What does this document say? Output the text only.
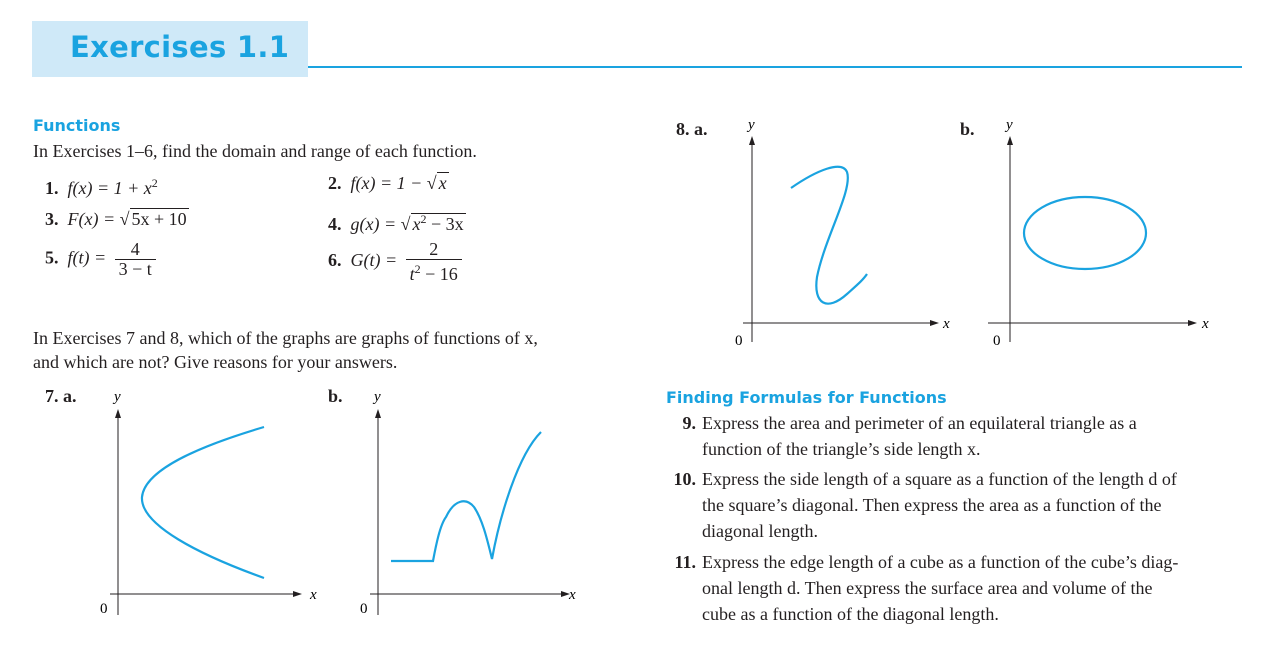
Exercises 1.1
Functions
In Exercises 1–6, find the domain and range of each function.
1. $f(x) = 1 + x^2$	2. f(x) = 1 − √ x
3. F(x) = √ 5x + 10	4. g(x) = √ $x^2 - 3x$
5. $f(t) = \frac{4}{3 - t}$	6. $G(t) = \frac{2}{t^2 - 16}$
In Exercises 7 and 8, which of the graphs are graphs of functions of x,
and which are not? Give reasons for your answers.
7. a.	y
x
0
b. y
x
0
8. a.	y
x
0
b. y
x
0
Finding Formulas for Functions
9. Express the area and perimeter of an equilateral triangle as a
function of the triangle’s side length x.
10. Express the side length of a square as a function of the length d of
the square’s diagonal. Then express the area as a function of the
diagonal length.
11. Express the edge length of a cube as a function of the cube’s diag-
onal length d. Then express the surface area and volume of the
cube as a function of the diagonal length.
